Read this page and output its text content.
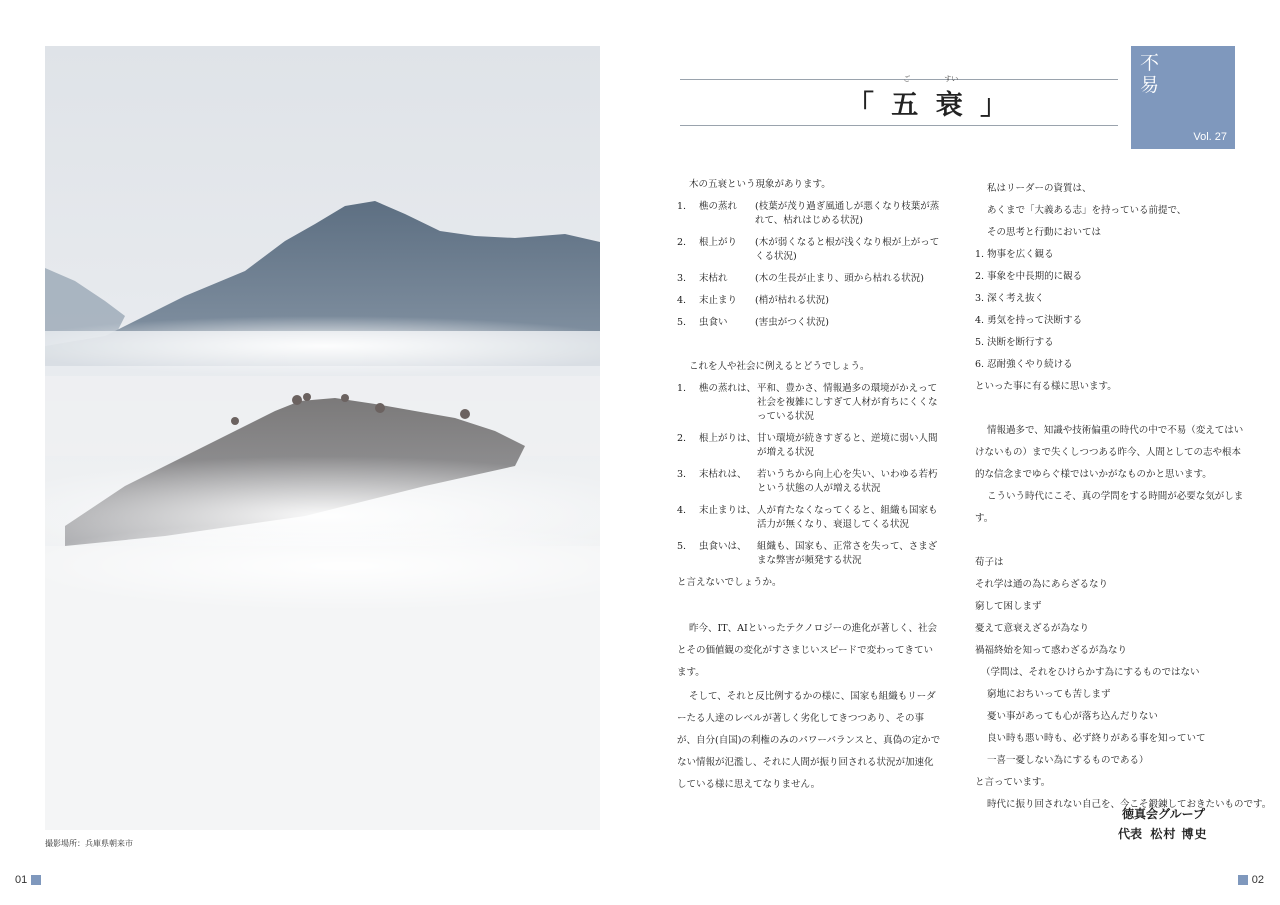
撮影場所：兵庫県朝来市
01	02
「
ご
五
すい
衰 」
不易
Vol. 27
木の五衰という現象があります。
1.	樵の蒸れ	(枝葉が茂り過ぎ風通しが悪くなり枝葉が蒸れて、枯れはじめる状況)
2.	根上がり	(木が弱くなると根が浅くなり根が上がってくる状況)
3.	末枯れ	(木の生長が止まり、頭から枯れる状況)
4.	末止まり	(梢が枯れる状況)
5.	虫食い	(害虫がつく状況)
これを人や社会に例えるとどうでしょう。
1.	樵の蒸れは、 平和、豊かさ、情報過多の環境がかえって社会を複雑にしすぎて人材が育ちにくくなっている状況
2.	根上がりは、 甘い環境が続きすぎると、逆境に弱い人間が増える状況
3.	末枯れは、	若いうちから向上心を失い、いわゆる若朽という状態の人が増える状況
4.	末止まりは、 人が育たなくなってくると、組織も国家も活力が無くなり、衰退してくる状況
5.	虫食いは、	組織も、国家も、正常さを失って、さまざまな弊害が頻発する状況
と言えないでしょうか。
昨今、IT、AIといったテクノロジーの進化が著しく、社会とその価値観の変化がすさまじいスピードで変わってきています。
そして、それと反比例するかの様に、国家も組織もリーダーたる人達のレベルが著しく劣化してきつつあり、その事が、自分(自国)の利権のみのパワーバランスと、真偽の定かでない情報が氾濫し、それに人間が振り回される状況が加速化している様に思えてなりません。
私はリーダーの資質は、
あくまで「大義ある志」を持っている前提で、
その思考と行動においては
1. 物事を広く観る
2. 事象を中長期的に観る
3. 深く考え抜く
4. 勇気を持って決断する
5. 決断を断行する
6. 忍耐強くやり続ける
といった事に有る様に思います。
情報過多で、知識や技術偏重の時代の中で不易（変えてはいけないもの）まで失くしつつある昨今、人間としての志や根本的な信念までゆらぐ様ではいかがなものかと思います。
こういう時代にこそ、真の学問をする時間が必要な気がします。
荀子は
それ学は通の為にあらざるなり
窮して困しまず
憂えて意衰えざるが為なり
禍福終始を知って惑わざるが為なり
（学問は、それをひけらかす為にするものではない
窮地におちいっても苦しまず
憂い事があっても心が落ち込んだりない
良い時も悪い時も、必ず終りがある事を知っていて
一喜一憂しない為にするものである）
と言っています。
時代に振り回されない自己を、今こそ鍛錬しておきたいものです。
徳真会グループ
代表 松村 博史
